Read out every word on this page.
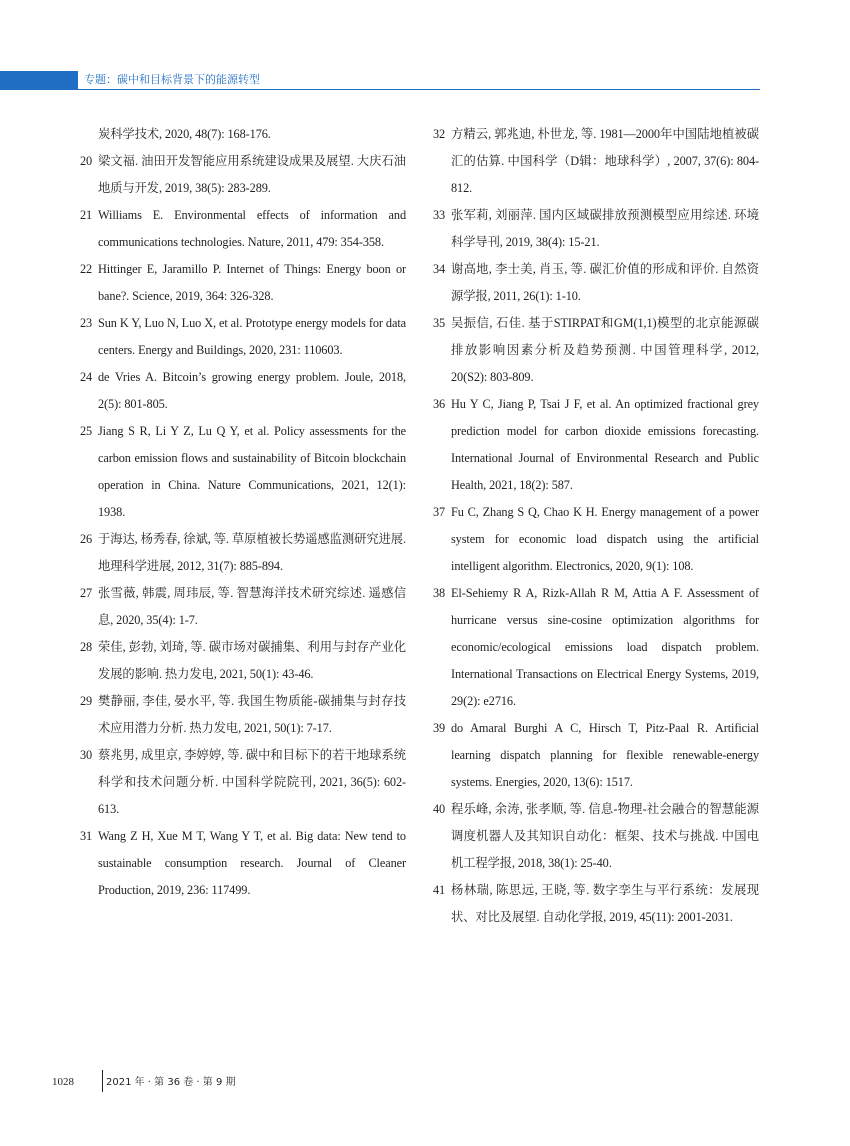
专题：碳中和目标背景下的能源转型
炭科学技术, 2020, 48(7): 168-176.
20 梁文福. 油田开发智能应用系统建设成果及展望. 大庆石油地质与开发, 2019, 38(5): 283-289.
21 Williams E. Environmental effects of information and communications technologies. Nature, 2011, 479: 354-358.
22 Hittinger E, Jaramillo P. Internet of Things: Energy boon or bane?. Science, 2019, 364: 326-328.
23 Sun K Y, Luo N, Luo X, et al. Prototype energy models for data centers. Energy and Buildings, 2020, 231: 110603.
24 de Vries A. Bitcoin’s growing energy problem. Joule, 2018, 2(5): 801-805.
25 Jiang S R, Li Y Z, Lu Q Y, et al. Policy assessments for the carbon emission flows and sustainability of Bitcoin blockchain operation in China. Nature Communications, 2021, 12(1): 1938.
26 于海达, 杨秀春, 徐斌, 等. 草原植被长势遥感监测研究进展. 地理科学进展, 2012, 31(7): 885-894.
27 张雪薇, 韩震, 周玮辰, 等. 智慧海洋技术研究综述. 遥感信息, 2020, 35(4): 1-7.
28 荣佳, 彭勃, 刘琦, 等. 碳市场对碳捕集、利用与封存产业化发展的影响. 热力发电, 2021, 50(1): 43-46.
29 樊静丽, 李佳, 晏水平, 等. 我国生物质能-碳捕集与封存技术应用潜力分析. 热力发电, 2021, 50(1): 7-17.
30 蔡兆男, 成里京, 李婷婷, 等. 碳中和目标下的若干地球系统科学和技术问题分析. 中国科学院院刊, 2021, 36(5): 602-613.
31 Wang Z H, Xue M T, Wang Y T, et al. Big data: New tend to sustainable consumption research. Journal of Cleaner Production, 2019, 236: 117499.
32 方精云, 郭兆迪, 朴世龙, 等. 1981—2000年中国陆地植被碳汇的估算. 中国科学（D辑：地球科学）, 2007, 37(6): 804-812.
33 张军莉, 刘丽萍. 国内区域碳排放预测模型应用综述. 环境科学导刊, 2019, 38(4): 15-21.
34 谢高地, 李士美, 肖玉, 等. 碳汇价值的形成和评价. 自然资源学报, 2011, 26(1): 1-10.
35 吴振信, 石佳. 基于STIRPAT和GM(1,1)模型的北京能源碳排放影响因素分析及趋势预测. 中国管理科学, 2012, 20(S2): 803-809.
36 Hu Y C, Jiang P, Tsai J F, et al. An optimized fractional grey prediction model for carbon dioxide emissions forecasting. International Journal of Environmental Research and Public Health, 2021, 18(2): 587.
37 Fu C, Zhang S Q, Chao K H. Energy management of a power system for economic load dispatch using the artificial intelligent algorithm. Electronics, 2020, 9(1): 108.
38 El-Sehiemy R A, Rizk-Allah R M, Attia A F. Assessment of hurricane versus sine-cosine optimization algorithms for economic/ecological emissions load dispatch problem. International Transactions on Electrical Energy Systems, 2019, 29(2): e2716.
39 do Amaral Burghi A C, Hirsch T, Pitz-Paal R. Artificial learning dispatch planning for flexible renewable-energy systems. Energies, 2020, 13(6): 1517.
40 程乐峰, 余涛, 张孝顺, 等. 信息-物理-社会融合的智慧能源调度机器人及其知识自动化：框架、技术与挑战. 中国电机工程学报, 2018, 38(1): 25-40.
41 杨林瑞, 陈思远, 王晓, 等. 数字孪生与平行系统：发展现状、对比及展望. 自动化学报, 2019, 45(11): 2001-2031.
1028	2021 年 · 第 36 卷 · 第 9 期
